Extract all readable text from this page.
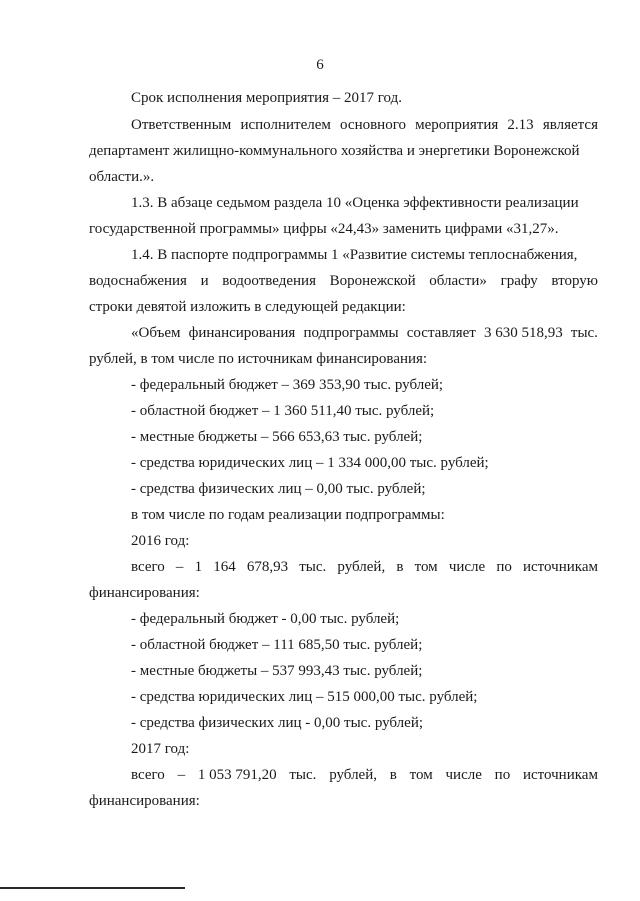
6
Срок исполнения мероприятия – 2017 год.
Ответственным исполнителем основного мероприятия 2.13 является
департамент жилищно-коммунального хозяйства и энергетики Воронежской
области.».
1.3. В абзаце седьмом раздела 10 «Оценка эффективности реализации
государственной программы» цифры «24,43» заменить цифрами «31,27».
1.4. В паспорте подпрограммы 1 «Развитие системы теплоснабжения,
водоснабжения и водоотведения Воронежской области» графу вторую
строки девятой изложить в следующей редакции:
«Объем финансирования подпрограммы составляет 3 630 518,93 тыс.
рублей, в том числе по источникам финансирования:
- федеральный бюджет – 369 353,90 тыс. рублей;
- областной бюджет – 1 360 511,40 тыс. рублей;
- местные бюджеты – 566 653,63 тыс. рублей;
- средства юридических лиц – 1 334 000,00 тыс. рублей;
- средства физических лиц – 0,00 тыс. рублей;
в том числе по годам реализации подпрограммы:
2016 год:
всего – 1 164 678,93 тыс. рублей, в том числе по источникам
финансирования:
- федеральный бюджет - 0,00 тыс. рублей;
- областной бюджет – 111 685,50 тыс. рублей;
- местные бюджеты – 537 993,43 тыс. рублей;
- средства юридических лиц – 515 000,00 тыс. рублей;
- средства физических лиц - 0,00 тыс. рублей;
2017 год:
всего – 1 053 791,20 тыс. рублей, в том числе по источникам
финансирования:
